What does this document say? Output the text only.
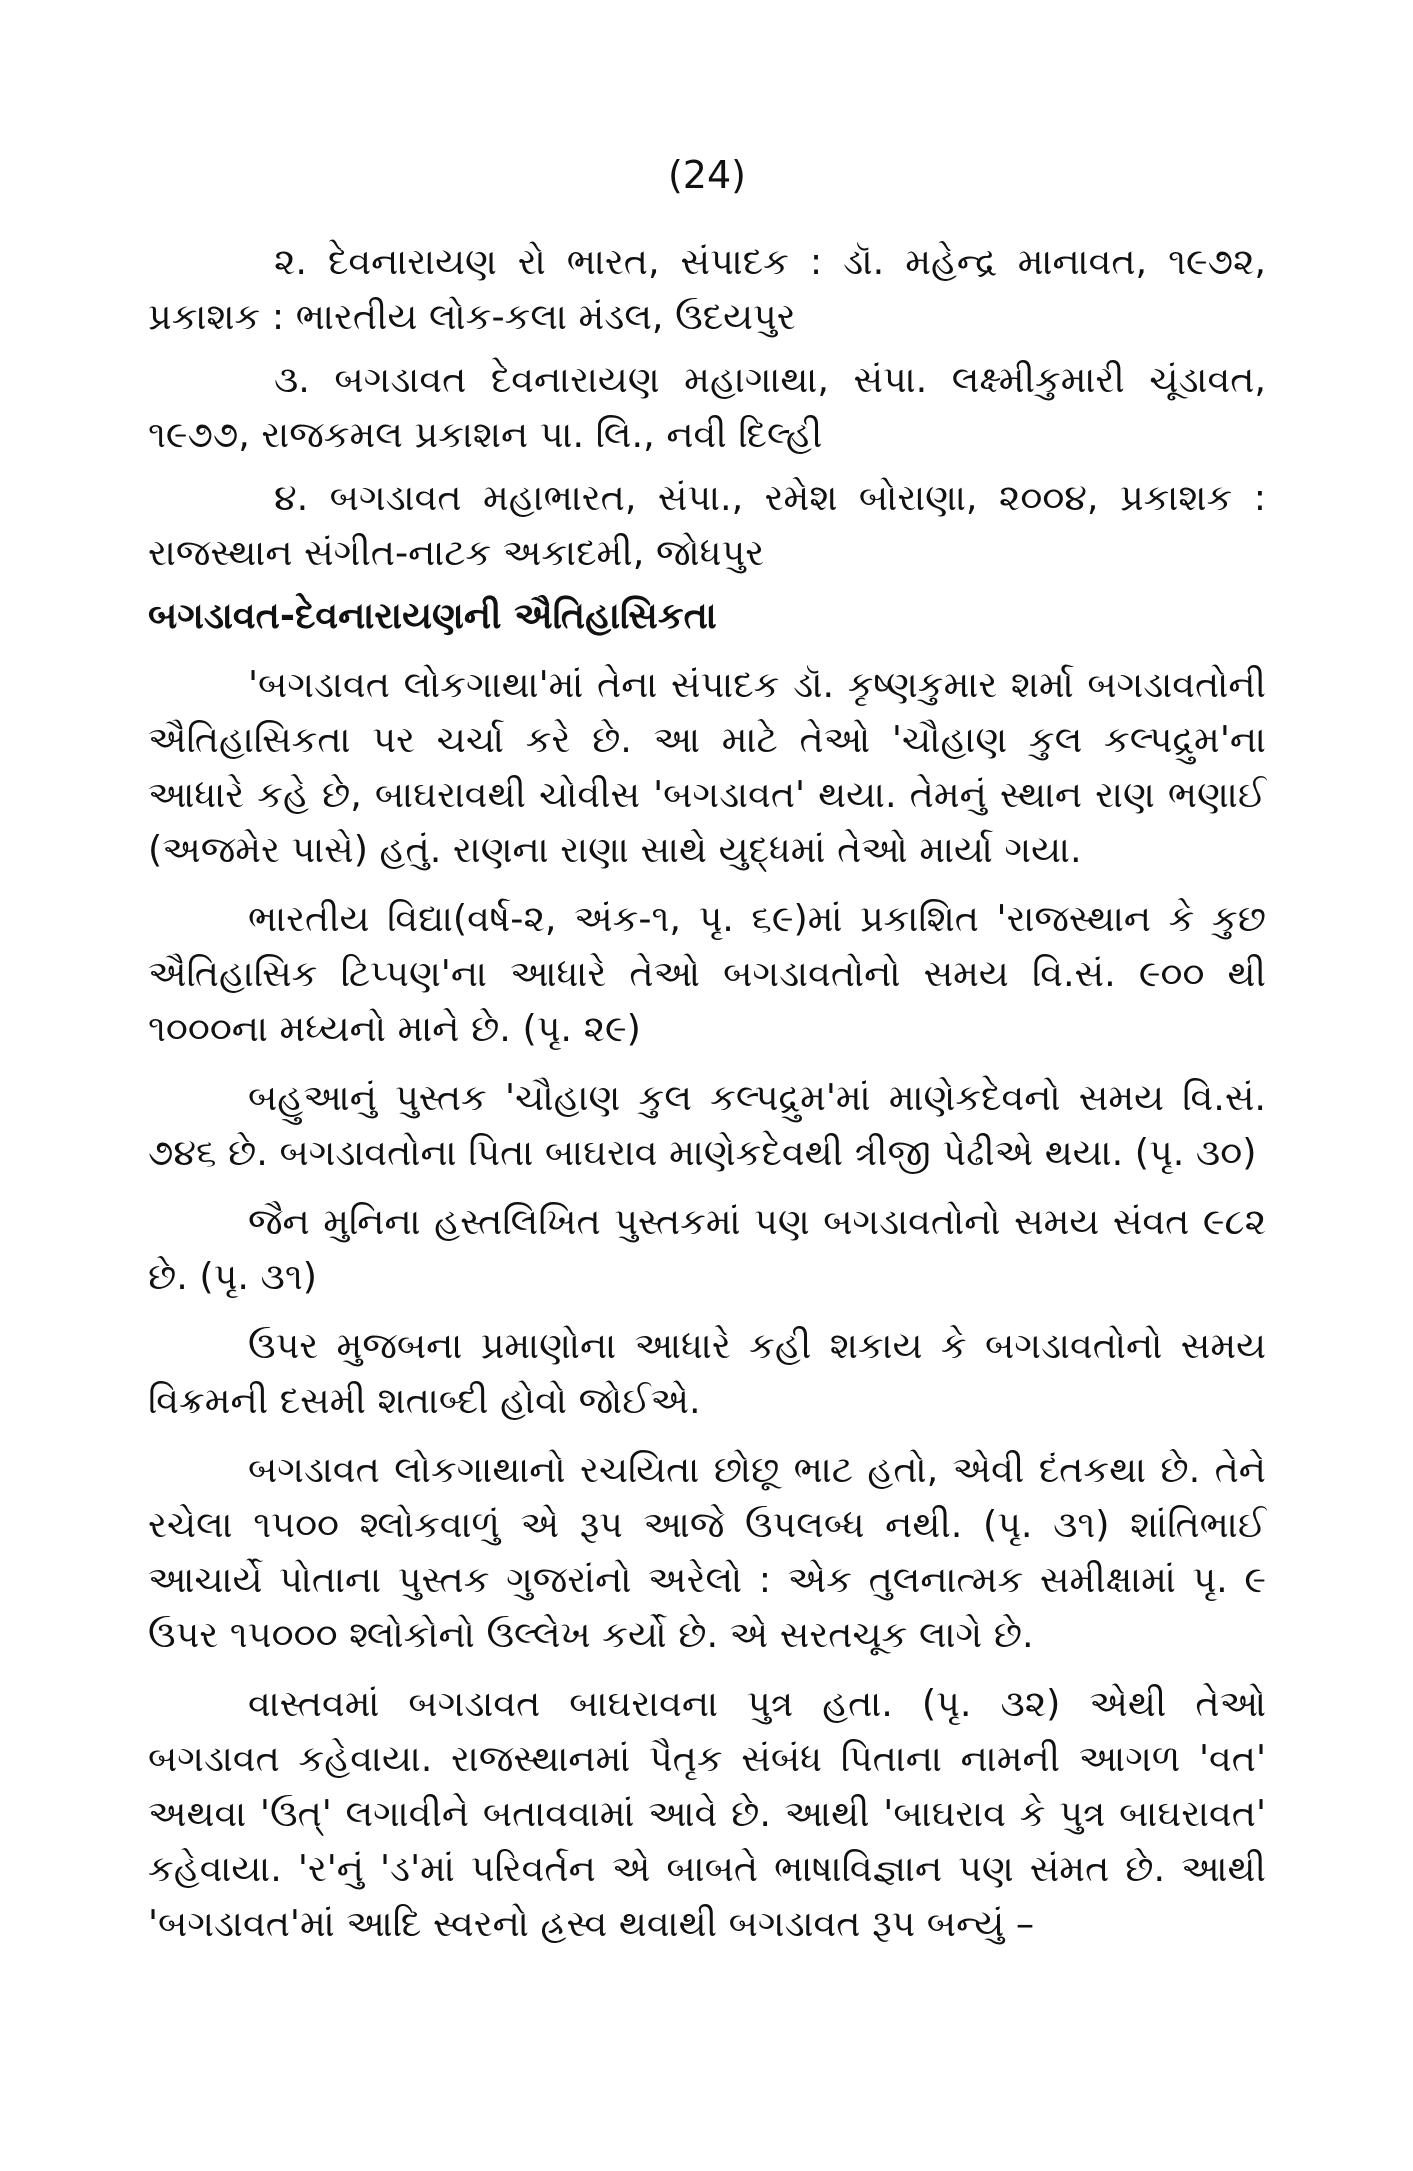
(24)

૨. દેવનારાયણ રો ભારત, સંપાદક : ડૉ. મહેન્દ્ર માનાવત, ૧૯૭૨, પ્રકાશક : ભારતીય લોક-કલા મંડલ, ઉદયપુર

૩. બગડાવત દેવનારાયણ મહાગાથા, સંપા. લક્ષ્મીકુમારી ચૂંડાવત, ૧૯૭૭, રાજકમલ પ્રકાશન પા. લિ., નવી દિલ્હી

૪. બગડાવત મહાભારત, સંપા., રમેશ બોરાણા, ૨૦૦૪, પ્રકાશક : રાજસ્થાન સંગીત-નાટક અકાદમી, જોધપુર

બગડાવત-દેવનારાયણની ઐતિહાસિકતા

'બગડાવત લોકગાથા'માં તેના સંપાદક ડૉ. કૃષ્ણકુમાર શર્મા બગડાવતોની ઐતિહાસિકતા પર ચર્ચા કરે છે. આ માટે તેઓ 'ચૌહાણ કુલ કલ્પદ્રુમ'ના આધારે કહે છે, બાઘરાવથી ચોવીસ 'બગડાવત' થયા. તેમનું સ્થાન રાણ ભણાઈ (અજમેર પાસે) હતું. રાણના રાણા સાથે યુદ્ધમાં તેઓ માર્યા ગયા.

ભારતીય વિદ્યા(વર્ષ-૨, અંક-૧, પૃ. ૬૯)માં પ્રકાશિત 'રાજસ્થાન કે કુછ ઐતિહાસિક ટિપ્પણ'ના આધારે તેઓ બગડાવતોનો સમય વિ.સં. ૯૦૦ થી ૧૦૦૦ના મધ્યનો માને છે. (પૃ. ૨૯)

બહુઆનું પુસ્તક 'ચૌહાણ કુલ કલ્પદ્રુમ'માં માણેકદેવનો સમય વિ.સં. ૭૪૬ છે. બગડાવતોના પિતા બાઘરાવ માણેકદેવથી ત્રીજી પેઢીએ થયા. (પૃ. ૩૦)

જૈન મુનિના હસ્તલિખિત પુસ્તકમાં પણ બગડાવતોનો સમય સંવત ૯૮૨ છે. (પૃ. ૩૧)

ઉપર મુજબના પ્રમાણોના આધારે કહી શકાય કે બગડાવતોનો સમય વિક્રમની દસમી શતાબ્દી હોવો જોઈએ.

બગડાવત લોકગાથાનો રચયિતા છોછૂ ભાટ હતો, એવી દંતકથા છે. તેને રચેલા ૧૫૦૦ શ્લોકવાળું એ રૂપ આજે ઉપલબ્ધ નથી. (પૃ. ૩૧) શાંતિભાઈ આચાર્યે પોતાના પુસ્તક ગુજરાંનો અરેલો : એક તુલનાત્મક સમીક્ષામાં પૃ. ૯ ઉપર ૧૫૦૦૦ શ્લોકોનો ઉલ્લેખ કર્યો છે. એ સરતચૂક લાગે છે.

વાસ્તવમાં બગડાવત બાઘરાવના પુત્ર હતા. (પૃ. ૩૨) એથી તેઓ બગડાવત કહેવાયા. રાજસ્થાનમાં પૈતૃક સંબંધ પિતાના નામની આગળ 'વત' અથવા 'ઉત્' લગાવીને બતાવવામાં આવે છે. આથી 'બાઘરાવ કે પુત્ર બાઘરાવત' કહેવાયા. 'ર'નું 'ડ'માં પરિવર્તન એ બાબતે ભાષાવિજ્ઞાન પણ સંમત છે. આથી 'બગડાવત'માં આદિ સ્વરનો હ્રસ્વ થવાથી બગડાવત રૂપ બન્યું –
